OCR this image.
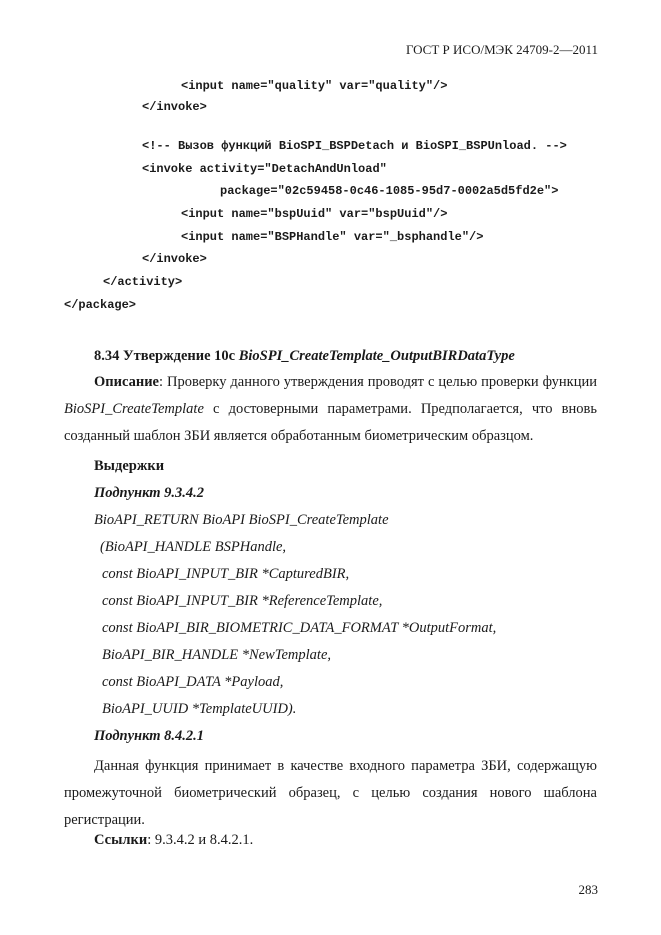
ГОСТ Р ИСО/МЭК 24709-2—2011
<input name="quality" var="quality"/>
</invoke>
<!-- Вызов функций BioSPI_BSPDetach и BioSPI_BSPUnload. -->
<invoke activity="DetachAndUnload"
package="02c59458-0c46-1085-95d7-0002a5d5fd2e">
<input name="bspUuid" var="bspUuid"/>
<input name="BSPHandle" var="_bsphandle"/>
</invoke>
</activity>
</package>
8.34 Утверждение 10с BioSPI_CreateTemplate_OutputBIRDataType
Описание: Проверку данного утверждения проводят с целью проверки функции BioSPI_CreateTemplate с достоверными параметрами. Предполагается, что вновь созданный шаблон ЗБИ является обработанным биометрическим образцом.
Выдержки
Подпункт 9.3.4.2
BioAPI_RETURN BioAPI BioSPI_CreateTemplate
(BioAPI_HANDLE BSPHandle,
const BioAPI_INPUT_BIR *CapturedBIR,
const BioAPI_INPUT_BIR *ReferenceTemplate,
const BioAPI_BIR_BIOMETRIC_DATA_FORMAT *OutputFormat,
BioAPI_BIR_HANDLE *NewTemplate,
const BioAPI_DATA *Payload,
BioAPI_UUID *TemplateUUID).
Подпункт 8.4.2.1
Данная функция принимает в качестве входного параметра ЗБИ, содержащую промежуточной биометрический образец, с целью создания нового шаблона регистрации.
Ссылки: 9.3.4.2 и 8.4.2.1.
283
